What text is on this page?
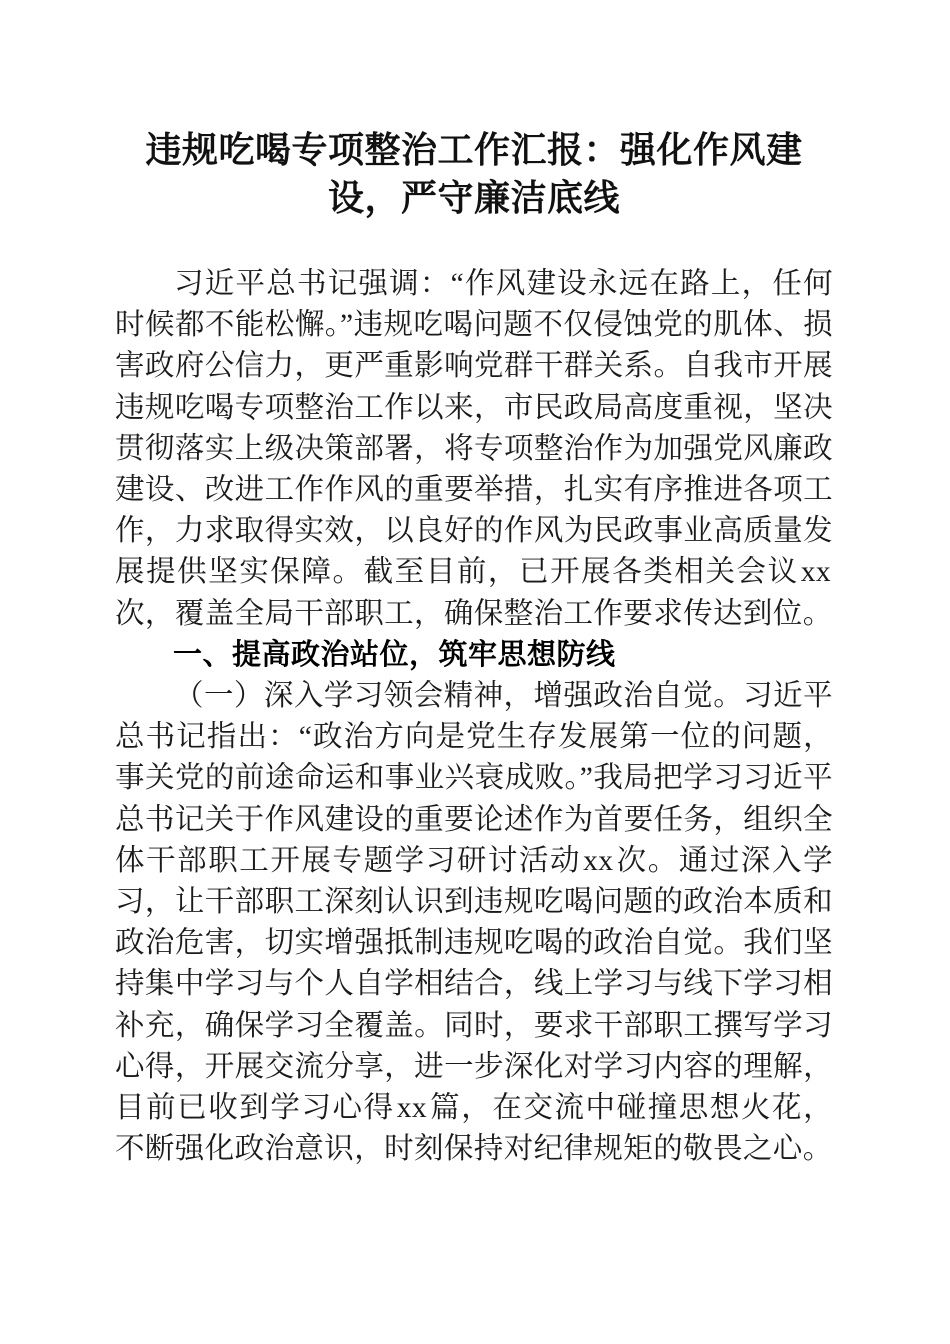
违规吃喝专项整治工作汇报：强化作风建设，严守廉洁底线

习近平总书记强调：“作风建设永远在路上，任何时候都不能松懈。”违规吃喝问题不仅侵蚀党的肌体、损害政府公信力，更严重影响党群干群关系。自我市开展违规吃喝专项整治工作以来，市民政局高度重视，坚决贯彻落实上级决策部署，将专项整治作为加强党风廉政建设、改进工作作风的重要举措，扎实有序推进各项工作，力求取得实效，以良好的作风为民政事业高质量发展提供坚实保障。截至目前，已开展各类相关会议xx次，覆盖全局干部职工，确保整治工作要求传达到位。

一、提高政治站位，筑牢思想防线

（一）深入学习领会精神，增强政治自觉。习近平总书记指出：“政治方向是党生存发展第一位的问题，事关党的前途命运和事业兴衰成败。”我局把学习习近平总书记关于作风建设的重要论述作为首要任务，组织全体干部职工开展专题学习研讨活动xx次。通过深入学习，让干部职工深刻认识到违规吃喝问题的政治本质和政治危害，切实增强抵制违规吃喝的政治自觉。我们坚持集中学习与个人自学相结合，线上学习与线下学习相补充，确保学习全覆盖。同时，要求干部职工撰写学习心得，开展交流分享，进一步深化对学习内容的理解，目前已收到学习心得xx篇，在交流中碰撞思想火花，不断强化政治意识，时刻保持对纪律规矩的敬畏之心。
